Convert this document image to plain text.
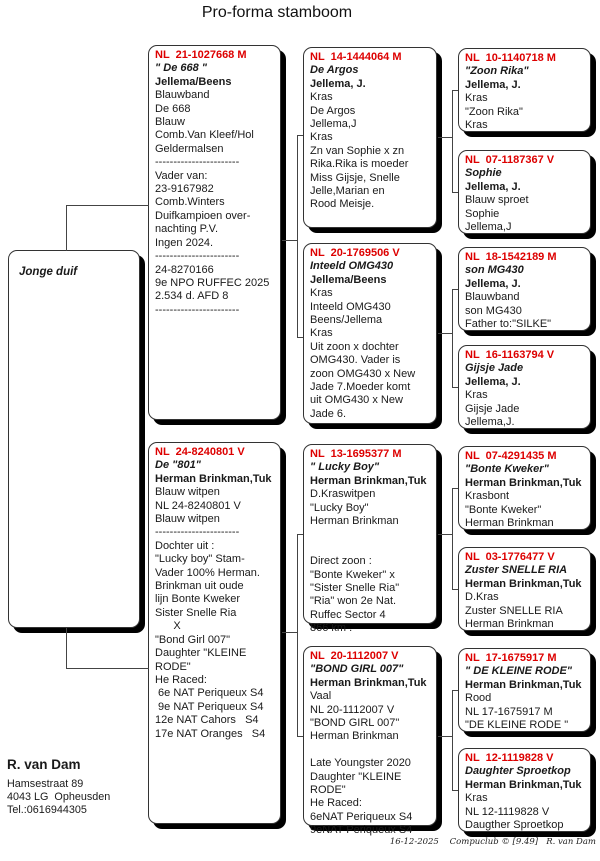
Pro-forma stamboom
Jonge duif
NL  21-1027668 M
" De 668 "
Jellema/Beens
Blauwband
De 668
Blauw
Comb.Van Kleef/Hol
Geldermalsen
-----------------------
Vader van:
23-9167982
Comb.Winters
Duifkampioen over-
nachting P.V.
Ingen 2024.
-----------------------
24-8270166
9e NPO RUFFEC 2025
2.534 d. AFD 8
-----------------------
NL  24-8240801 V
De "801"
Herman Brinkman,Tuk
Blauw witpen
NL 24-8240801 V
Blauw witpen
-----------------------
Dochter uit :
"Lucky boy" Stam-
Vader 100% Herman.
Brinkman uit oude
lijn Bonte Kweker
Sister Snelle Ria
X
"Bond Girl 007"
Daughter "KLEINE
RODE"
He Raced:
6e NAT Periqueux S4
9e NAT Periqueux S4
12e NAT Cahors   S4
17e NAT Oranges   S4
NL  14-1444064 M
De Argos
Jellema, J.
Kras
De Argos
Jellema,J
Kras
Zn van Sophie x zn
Rika.Rika is moeder
Miss Gijsje, Snelle
Jelle,Marian en
Rood Meisje.
NL  20-1769506 V
Inteeld OMG430
Jellema/Beens
Kras
Inteeld OMG430
Beens/Jellema
Kras
Uit zoon x dochter
OMG430. Vader is
zoon OMG430 x New
Jade 7.Moeder komt
uit OMG430 x New
Jade 6.
NL  13-1695377 M
" Lucky Boy"
Herman Brinkman,Tuk
D.Kraswitpen
"Lucky Boy"
Herman Brinkman
Direct zoon :
"Bonte Kweker" x
"Sister Snelle Ria"
"Ria" won 2e Nat.
Ruffec Sector 4
866 km .
NL  20-1112007 V
"BOND GIRL 007"
Herman Brinkman,Tuk
Vaal
NL 20-1112007 V
"BOND GIRL 007"
Herman Brinkman
Late Youngster 2020
Daughter "KLEINE
RODE"
He Raced:
6eNAT Periqueux S4
9eNAT Periqueux S4
NL  10-1140718 M
"Zoon Rika"
Jellema, J.
Kras
"Zoon Rika"
Kras
NL  07-1187367 V
Sophie
Jellema, J.
Blauw sproet
Sophie
Jellema,J
NL  18-1542189 M
son MG430
Jellema, J.
Blauwband
son MG430
Father to:"SILKE"
NL  16-1163794 V
Gijsje Jade
Jellema, J.
Kras
Gijsje Jade
Jellema,J.
NL  07-4291435 M
"Bonte Kweker"
Herman Brinkman,Tuk
Krasbont
"Bonte Kweker"
Herman Brinkman
NL  03-1776477 V
Zuster SNELLE RIA
Herman Brinkman,Tuk
D.Kras
Zuster SNELLE RIA
Herman Brinkman
NL  17-1675917 M
" DE KLEINE RODE"
Herman Brinkman,Tuk
Rood
NL 17-1675917 M
"DE KLEINE RODE "
NL  12-1119828 V
Daughter Sproetkop
Herman Brinkman,Tuk
Kras
NL 12-1119828 V
Daugther Sproetkop
R. van Dam
Hamsestraat 89
4043 LG  Opheusden
Tel.:0616944305
16-12-2025    Compuclub © [9.49]   R. van Dam
